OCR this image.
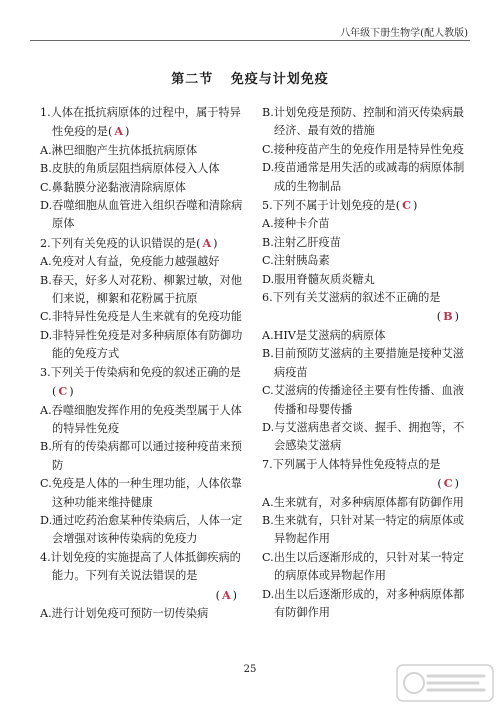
八年级下册生物学(配人教版)
第二节 免疫与计划免疫
1.人体在抵抗病原体的过程中，属于特异性免疫的是( A )
A.淋巴细胞产生抗体抵抗病原体
B.皮肤的角质层阻挡病原体侵入人体
C.鼻黏膜分泌黏液清除病原体
D.吞噬细胞从血管进入组织吞噬和清除病原体
2.下列有关免疫的认识错误的是( A )
A.免疫对人有益，免疫能力越强越好
B.春天，好多人对花粉、柳絮过敏，对他们来说，柳絮和花粉属于抗原
C.非特异性免疫是人生来就有的免疫功能
D.非特异性免疫是对多种病原体有防御功能的免疫方式
3.下列关于传染病和免疫的叙述正确的是( C )
A.吞噬细胞发挥作用的免疫类型属于人体的特异性免疫
B.所有的传染病都可以通过接种疫苗来预防
C.免疫是人体的一种生理功能，人体依靠这种功能来维持健康
D.通过吃药治愈某种传染病后，人体一定会增强对该种传染病的免疫力
4.计划免疫的实施提高了人体抵御疾病的能力。下列有关说法错误的是
( A )
A.进行计划免疫可预防一切传染病
B.计划免疫是预防、控制和消灭传染病最经济、最有效的措施
C.接种疫苗产生的免疫作用是特异性免疫
D.疫苗通常是用失活的或减毒的病原体制成的生物制品
5.下列不属于计划免疫的是( C )
A.接种卡介苗
B.注射乙肝疫苗
C.注射胰岛素
D.服用脊髓灰质炎糖丸
6.下列有关艾滋病的叙述不正确的是
( B )
A.HIV是艾滋病的病原体
B.目前预防艾滋病的主要措施是接种艾滋病疫苗
C.艾滋病的传播途径主要有性传播、血液传播和母婴传播
D.与艾滋病患者交谈、握手、拥抱等，不会感染艾滋病
7.下列属于人体特异性免疫特点的是
( C )
A.生来就有，对多种病原体都有防御作用
B.生来就有，只针对某一特定的病原体或异物起作用
C.出生以后逐渐形成的，只针对某一特定的病原体或异物起作用
D.出生以后逐渐形成的，对多种病原体都有防御作用
25
